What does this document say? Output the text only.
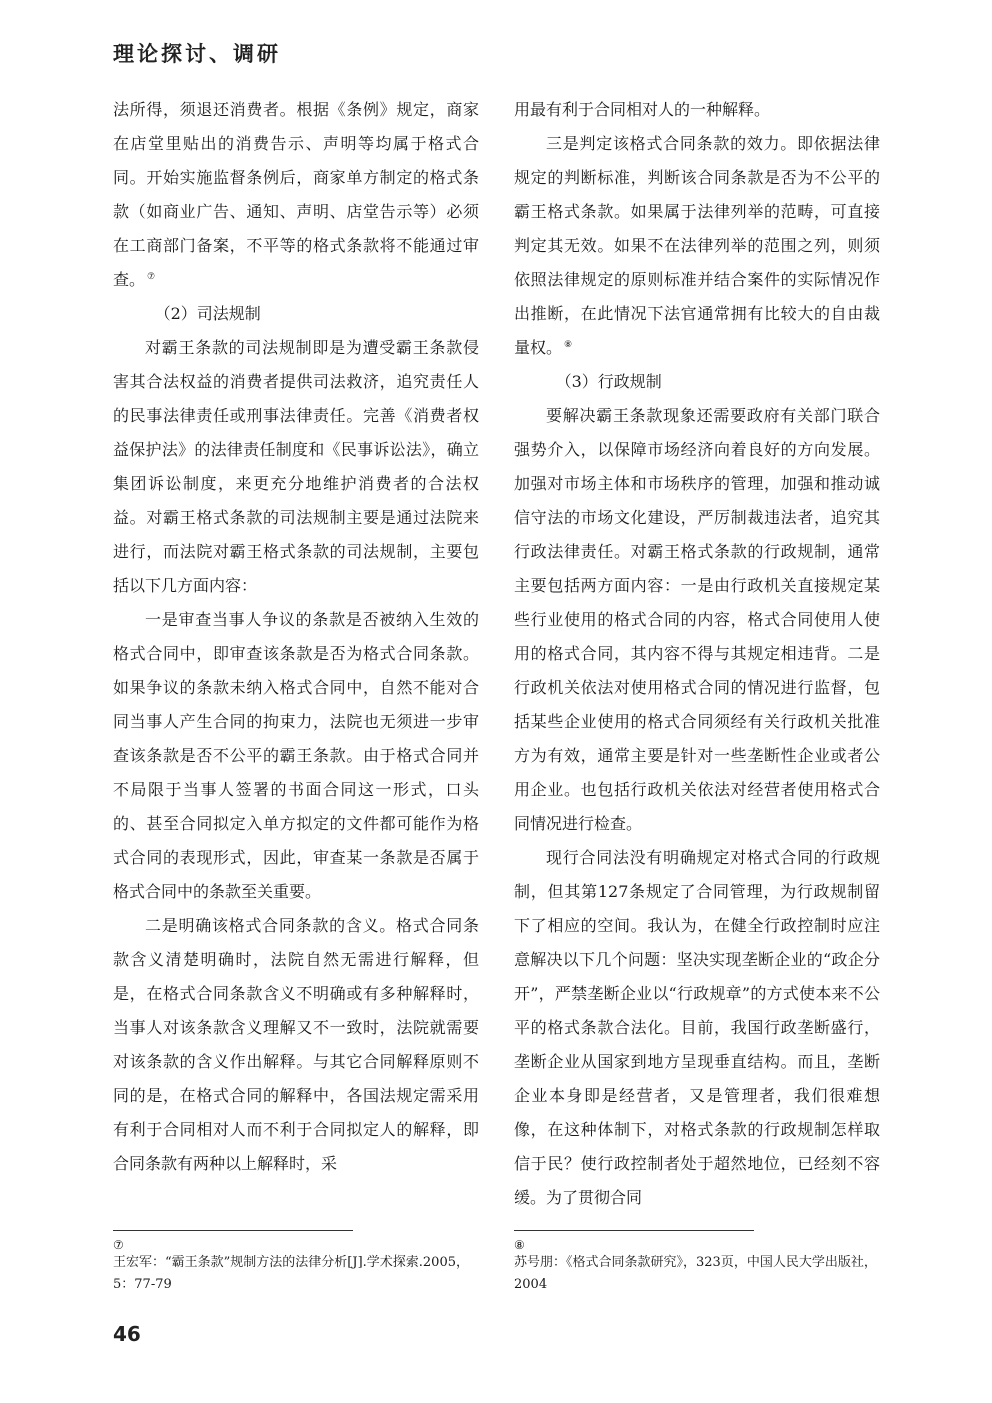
理论探讨、调研

法所得，须退还消费者。根据《条例》规定，商家在店堂里贴出的消费告示、声明等均属于格式合同。开始实施监督条例后，商家单方制定的格式条款（如商业广告、通知、声明、店堂告示等）必须在工商部门备案，不平等的格式条款将不能通过审查。 ⑦

（2）司法规制

对霸王条款的司法规制即是为遭受霸王条款侵害其合法权益的消费者提供司法救济，追究责任人的民事法律责任或刑事法律责任。完善《消费者权益保护法》的法律责任制度和《民事诉讼法》，确立集团诉讼制度，来更充分地维护消费者的合法权益。对霸王格式条款的司法规制主要是通过法院来进行，而法院对霸王格式条款的司法规制，主要包括以下几方面内容：

一是审查当事人争议的条款是否被纳入生效的格式合同中，即审查该条款是否为格式合同条款。如果争议的条款未纳入格式合同中，自然不能对合同当事人产生合同的拘束力，法院也无须进一步审查该条款是否不公平的霸王条款。由于格式合同并不局限于当事人签署的书面合同这一形式，口头的、甚至合同拟定入单方拟定的文件都可能作为格式合同的表现形式，因此，审查某一条款是否属于格式合同中的条款至关重要。

二是明确该格式合同条款的含义。格式合同条款含义清楚明确时，法院自然无需进行解释，但是，在格式合同条款含义不明确或有多种解释时，当事人对该条款含义理解又不一致时，法院就需要对该条款的含义作出解释。与其它合同解释原则不同的是，在格式合同的解释中，各国法规定需采用有利于合同相对人而不利于合同拟定人的解释，即合同条款有两种以上解释时，采

用最有利于合同相对人的一种解释。

三是判定该格式合同条款的效力。即依据法律规定的判断标准，判断该合同条款是否为不公平的霸王格式条款。如果属于法律列举的范畴，可直接判定其无效。如果不在法律列举的范围之列，则须依照法律规定的原则标准并结合案件的实际情况作出推断，在此情况下法官通常拥有比较大的自由裁量权。 ⑧

（3）行政规制

要解决霸王条款现象还需要政府有关部门联合强势介入，以保障市场经济向着良好的方向发展。加强对市场主体和市场秩序的管理，加强和推动诚信守法的市场文化建设，严厉制裁违法者，追究其行政法律责任。对霸王格式条款的行政规制，通常主要包括两方面内容：一是由行政机关直接规定某些行业使用的格式合同的内容，格式合同使用人使用的格式合同，其内容不得与其规定相违背。二是行政机关依法对使用格式合同的情况进行监督，包括某些企业使用的格式合同须经有关行政机关批准方为有效，通常主要是针对一些垄断性企业或者公用企业。也包括行政机关依法对经营者使用格式合同情况进行检查。

现行合同法没有明确规定对格式合同的行政规制，但其第127条规定了合同管理，为行政规制留下了相应的空间。我认为，在健全行政控制时应注意解决以下几个问题：坚决实现垄断企业的“政企分开”，严禁垄断企业以“行政规章”的方式使本来不公平的格式条款合法化。目前，我国行政垄断盛行，垄断企业从国家到地方呈现垂直结构。而且，垄断企业本身即是经营者，又是管理者，我们很难想像，在这种体制下，对格式条款的行政规制怎样取信于民？使行政控制者处于超然地位，已经刻不容缓。为了贯彻合同

⑦
王宏军：“霸王条款”规制方法的法律分析[J].学术探索.2005，5：77-79
⑧
苏号朋：《格式合同条款研究》，323页，中国人民大学出版社，2004
46
